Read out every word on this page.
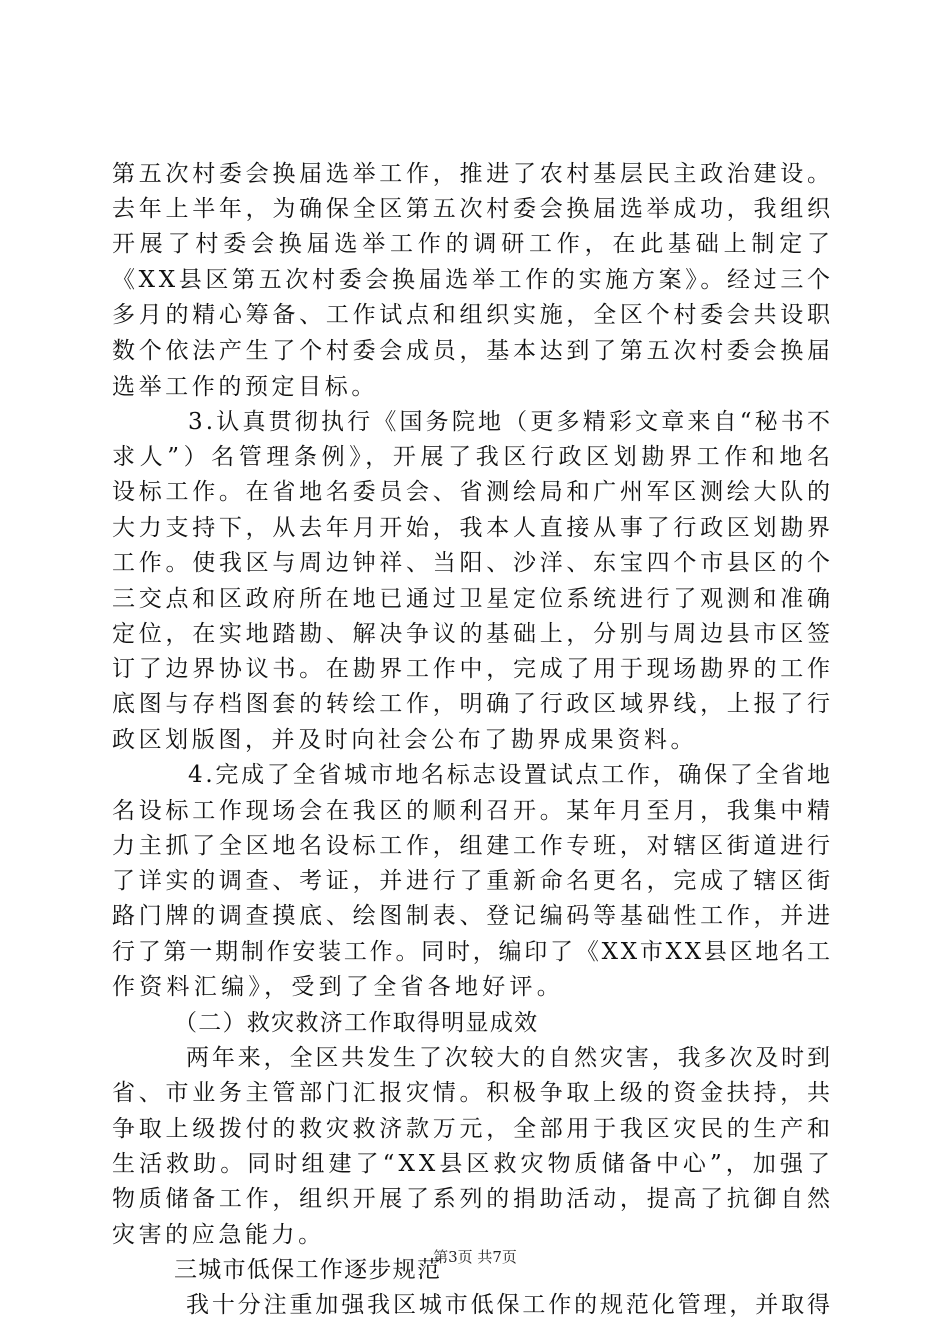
第五次村委会换届选举工作，推进了农村基层民主政治建设。
去年上半年，为确保全区第五次村委会换届选举成功，我组织
开展了村委会换届选举工作的调研工作，在此基础上制定了
《XX县区第五次村委会换届选举工作的实施方案》。经过三个
多月的精心筹备、工作试点和组织实施，全区个村委会共设职
数个依法产生了个村委会成员，基本达到了第五次村委会换届
选举工作的预定目标。
3.认真贯彻执行《国务院地（更多精彩文章来自“秘书不
求人”）名管理条例》，开展了我区行政区划勘界工作和地名
设标工作。在省地名委员会、省测绘局和广州军区测绘大队的
大力支持下，从去年月开始，我本人直接从事了行政区划勘界
工作。使我区与周边钟祥、当阳、沙洋、东宝四个市县区的个
三交点和区政府所在地已通过卫星定位系统进行了观测和准确
定位，在实地踏勘、解决争议的基础上，分别与周边县市区签
订了边界协议书。在勘界工作中，完成了用于现场勘界的工作
底图与存档图套的转绘工作，明确了行政区域界线，上报了行
政区划版图，并及时向社会公布了勘界成果资料。
4.完成了全省城市地名标志设置试点工作，确保了全省地
名设标工作现场会在我区的顺利召开。某年月至月，我集中精
力主抓了全区地名设标工作，组建工作专班，对辖区街道进行
了详实的调查、考证，并进行了重新命名更名，完成了辖区街
路门牌的调查摸底、绘图制表、登记编码等基础性工作，并进
行了第一期制作安装工作。同时，编印了《XX市XX县区地名工
作资料汇编》，受到了全省各地好评。
（二）救灾救济工作取得明显成效
两年来，全区共发生了次较大的自然灾害，我多次及时到
省、市业务主管部门汇报灾情。积极争取上级的资金扶持，共
争取上级拨付的救灾救济款万元，全部用于我区灾民的生产和
生活救助。同时组建了“XX县区救灾物质储备中心”，加强了
物质储备工作，组织开展了系列的捐助活动，提高了抗御自然
灾害的应急能力。
三城市低保工作逐步规范
我十分注重加强我区城市低保工作的规范化管理，并取得
第3页 共7页
